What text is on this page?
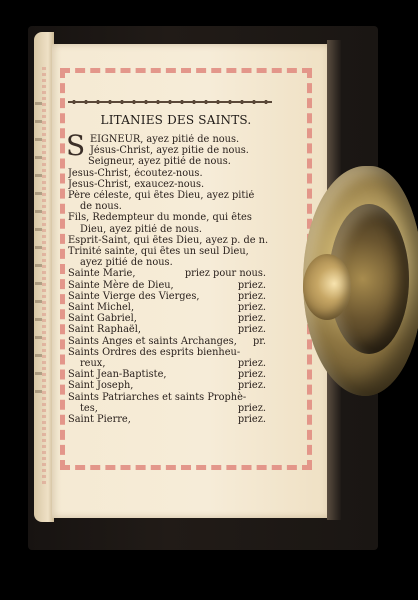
LITANIES DES SAINTS.
S EIGNEUR, ayez pitié de nous.
Jésus-Christ, ayez pitie de nous.
Seigneur, ayez pitié de nous.
Jesus-Christ, écoutez-nous.
Jesus-Christ, exaucez-nous.
Père céleste, qui êtes Dieu, ayez pitié
de nous.
Fils, Redempteur du monde, qui êtes
Dieu, ayez pitié de nous.
Esprit-Saint, qui êtes Dieu, ayez p. de n.
Trinité sainte, qui êtes un seul Dieu,
ayez pitié de nous.
Sainte Marie,	priez pour nous.
Sainte Mère de Dieu,	priez.
Sainte Vierge des Vierges,	priez.
Saint Michel,	priez.
Saint Gabriel,	priez.
Saint Raphaël,	priez.
Saints Anges et saints Archanges,	pr.
Saints Ordres des esprits bienheu-
reux,	priez.
Saint Jean-Baptiste,	priez.
Saint Joseph,	priez.
Saints Patriarches et saints Prophè-
tes,	priez.
Saint Pierre,	priez.
